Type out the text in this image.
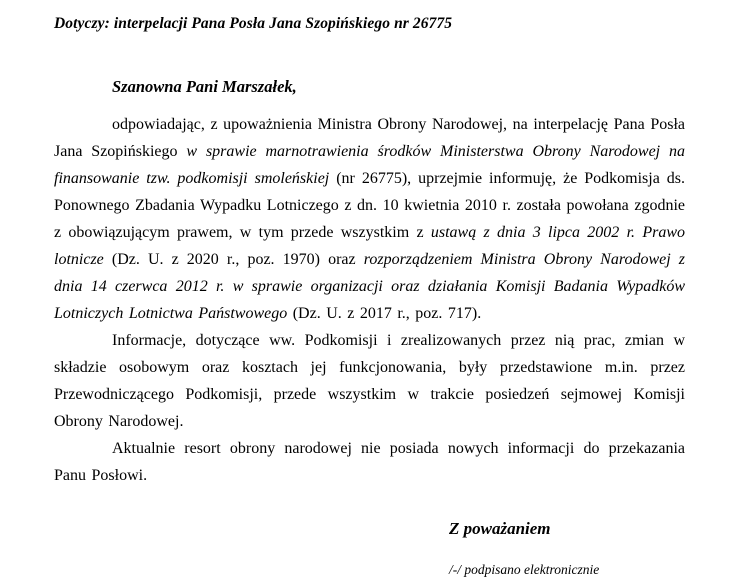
Dotyczy: interpelacji Pana Posła Jana Szopińskiego nr 26775

Szanowna Pani Marszałek,

odpowiadając, z upoważnienia Ministra Obrony Narodowej, na interpelację Pana Posła Jana Szopińskiego w sprawie marnotrawienia środków Ministerstwa Obrony Narodowej na finansowanie tzw. podkomisji smoleńskiej (nr 26775), uprzejmie informuję, że Podkomisja ds. Ponownego Zbadania Wypadku Lotniczego z dn. 10 kwietnia 2010 r. została powołana zgodnie z obowiązującym prawem, w tym przede wszystkim z ustawą z dnia 3 lipca 2002 r. Prawo lotnicze (Dz. U. z 2020 r., poz. 1970) oraz rozporządzeniem Ministra Obrony Narodowej z dnia 14 czerwca 2012 r. w sprawie organizacji oraz działania Komisji Badania Wypadków Lotniczych Lotnictwa Państwowego (Dz. U. z 2017 r., poz. 717).

Informacje, dotyczące ww. Podkomisji i zrealizowanych przez nią prac, zmian w składzie osobowym oraz kosztach jej funkcjonowania, były przedstawione m.in. przez Przewodniczącego Podkomisji, przede wszystkim w trakcie posiedzeń sejmowej Komisji Obrony Narodowej.

Aktualnie resort obrony narodowej nie posiada nowych informacji do przekazania Panu Posłowi.

Z poważaniem

/-/ podpisano elektronicznie
